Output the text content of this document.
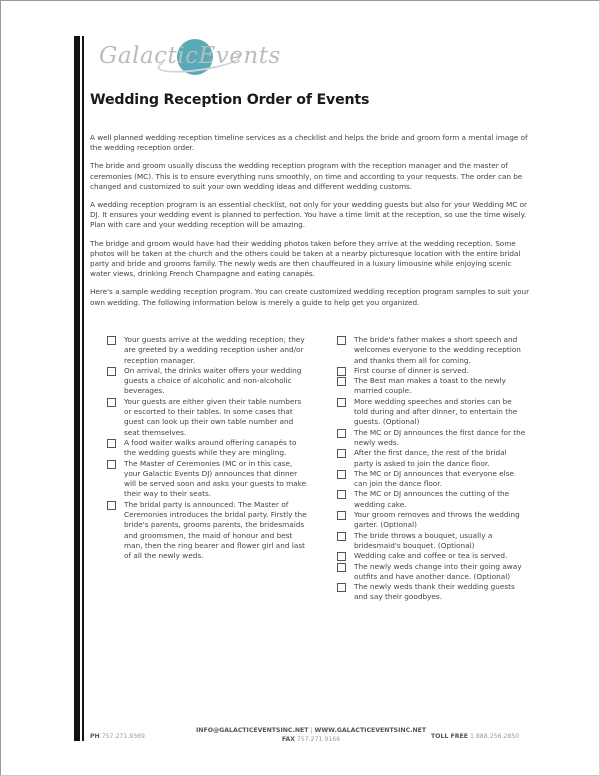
GalacticEvents
Wedding Reception Order of Events

A well planned wedding reception timeline services as a checklist and helps the bride and groom form a mental image of the wedding reception order.

The bride and groom usually discuss the wedding reception program with the reception manager and the master of ceremonies (MC). This is to ensure everything runs smoothly, on time and according to your requests. The order can be changed and customized to suit your own wedding ideas and different wedding customs.

A wedding reception program is an essential checklist, not only for your wedding guests but also for your Wedding MC or DJ. It ensures your wedding event is planned to perfection. You have a time limit at the reception, so use the time wisely. Plan with care and your wedding reception will be amazing.

The bridge and groom would have had their wedding photos taken before they arrive at the wedding reception. Some photos will be taken at the church and the others could be taken at a nearby picturesque location with the entire bridal party and bride and grooms family. The newly weds are then chauffeured in a luxury limousine while enjoying scenic water views, drinking French Champagne and eating canapés.

Here's a sample wedding reception program. You can create customized wedding reception program samples to suit your own wedding. The following information below is merely a guide to help get you organized.

Your guests arrive at the wedding reception; they are greeted by a wedding reception usher and/or reception manager.
On arrival, the drinks waiter offers your wedding guests a choice of alcoholic and non-alcoholic beverages.
Your guests are either given their table numbers or escorted to their tables. In some cases that guest can look up their own table number and seat themselves.
A food waiter walks around offering canapés to the wedding guests while they are mingling.
The Master of Ceremonies (MC or in this case, your Galactic Events DJ) announces that dinner will be served soon and asks your guests to make their way to their seats.
The bridal party is announced: The Master of Ceremonies introduces the bridal party. Firstly the bride's parents, grooms parents, the bridesmaids and groomsmen, the maid of honour and best man, then the ring bearer and flower girl and last of all the newly weds.
The bride's father makes a short speech and welcomes everyone to the wedding reception and thanks them all for coming.
First course of dinner is served.
The Best man makes a toast to the newly married couple.
More wedding speeches and stories can be told during and after dinner, to entertain the guests. (Optional)
The MC or DJ announces the first dance for the newly weds.
After the first dance, the rest of the bridal party is asked to join the dance floor.
The MC or DJ announces that everyone else can join the dance floor.
The MC or DJ announces the cutting of the wedding cake.
Your groom removes and throws the wedding garter. (Optional)
The bride throws a bouquet, usually a bridesmaid's bouquet. (Optional)
Wedding cake and coffee or tea is served.
The newly weds change into their going away outfits and have another dance. (Optional)
The newly weds thank their wedding guests and say their goodbyes.
PH 757.271.9369
INFO@GALACTICEVENTSINC.NET | WWW.GALACTICEVENTSINC.NET
FAX 757.271.9166	TOLL FREE 1.888.256.2850
